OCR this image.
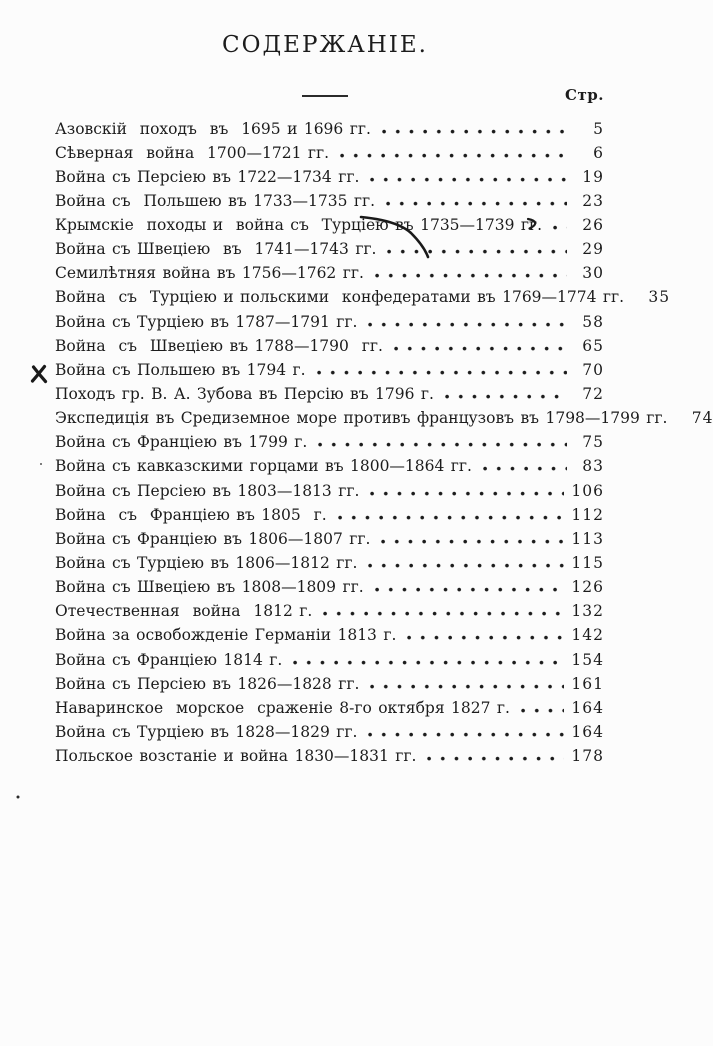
СОДЕРЖАНІЕ.
Стр.
Азовскій  походъ  въ  1695 и 1696 гг.	5
Сѣверная  война  1700—1721 гг.	6
Война съ Персіею въ 1722—1734 гг.	19
Война съ  Польшею въ 1733—1735 гг.	23
Крымскіе  походы и  война съ  Турціею въ 1735—1739 гг.	26
Война съ Швеціею  въ  1741—1743 гг.	29
Семилѣтняя война въ 1756—1762 гг.	30
Война  съ  Турціею и польскими  конфедератами въ 1769—1774 гг.	35
Война съ Турціею въ 1787—1791 гг.	58
Война  съ  Швеціею въ 1788—1790  гг.	65
Война съ Польшею въ 1794 г.	70
Походъ гр. В. А. Зубова въ Персію въ 1796 г.	72
Экспедиція въ Средиземное море противъ французовъ въ 1798—1799 гг.	74
Война съ Франціею въ 1799 г.	75
Война съ кавказскими горцами въ 1800—1864 гг.	83
Война съ Персіею въ 1803—1813 гг.	106
Война  съ  Франціею въ 1805  г.	112
Война съ Франціею въ 1806—1807 гг.	113
Война съ Турціею въ 1806—1812 гг.	115
Война съ Швеціею въ 1808—1809 гг.	126
Отечественная  война  1812 г.	132
Война за освобожденіе Германіи 1813 г.	142
Война съ Франціею 1814 г.	154
Война съ Персіею въ 1826—1828 гг.	161
Наваринское  морское  сраженіе 8-го октября 1827 г.	164
Война съ Турціею въ 1828—1829 гг.	164
Польское возстаніе и война 1830—1831 гг.	178
